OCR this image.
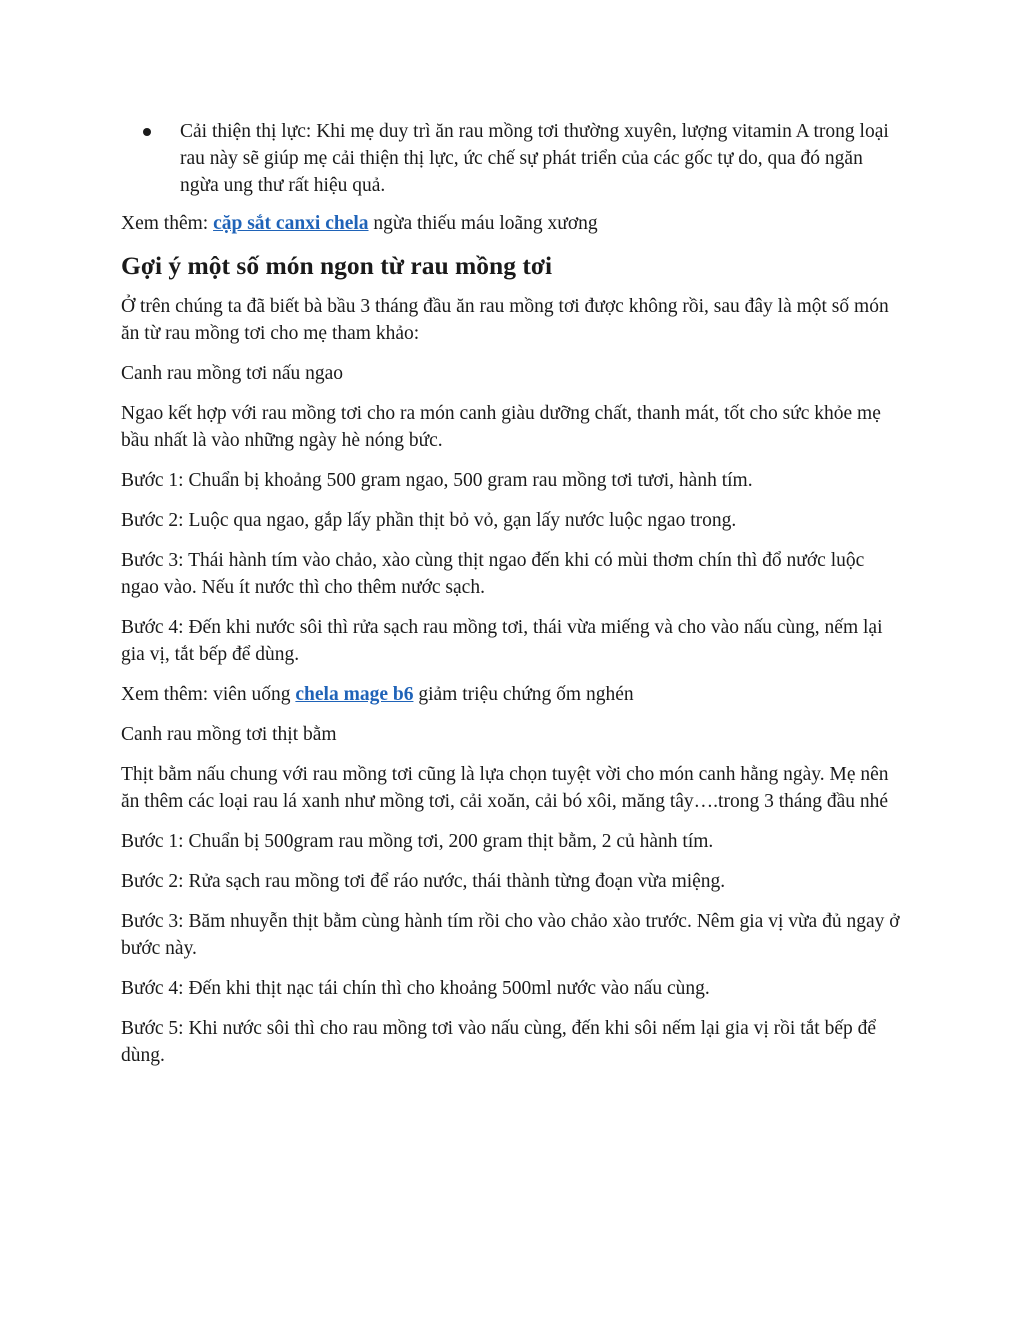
Cải thiện thị lực: Khi mẹ duy trì ăn rau mồng tơi thường xuyên, lượng vitamin A trong loại rau này sẽ giúp mẹ cải thiện thị lực, ức chế sự phát triển của các gốc tự do, qua đó ngăn ngừa ung thư rất hiệu quả.

Xem thêm: cặp sắt canxi chela ngừa thiếu máu loãng xương

Gợi ý một số món ngon từ rau mồng tơi

Ở trên chúng ta đã biết bà bầu 3 tháng đầu ăn rau mồng tơi được không rồi, sau đây là một số món ăn từ rau mồng tơi cho mẹ tham khảo:

Canh rau mồng tơi nấu ngao

Ngao kết hợp với rau mồng tơi cho ra món canh giàu dưỡng chất, thanh mát, tốt cho sức khỏe mẹ bầu nhất là vào những ngày hè nóng bức.

Bước 1: Chuẩn bị khoảng 500 gram ngao, 500 gram rau mồng tơi tươi, hành tím.

Bước 2: Luộc qua ngao, gắp lấy phần thịt bỏ vỏ, gạn lấy nước luộc ngao trong.

Bước 3: Thái hành tím vào chảo, xào cùng thịt ngao đến khi có mùi thơm chín thì đổ nước luộc ngao vào. Nếu ít nước thì cho thêm nước sạch.

Bước 4: Đến khi nước sôi thì rửa sạch rau mồng tơi, thái vừa miếng và cho vào nấu cùng, nếm lại gia vị, tắt bếp để dùng.

Xem thêm: viên uống chela mage b6 giảm triệu chứng ốm nghén

Canh rau mồng tơi thịt bằm

Thịt bằm nấu chung với rau mồng tơi cũng là lựa chọn tuyệt vời cho món canh hằng ngày. Mẹ nên ăn thêm các loại rau lá xanh như mồng tơi, cải xoăn, cải bó xôi, măng tây….trong 3 tháng đầu nhé

Bước 1: Chuẩn bị 500gram rau mồng tơi, 200 gram thịt bằm, 2 củ hành tím.

Bước 2: Rửa sạch rau mồng tơi để ráo nước, thái thành từng đoạn vừa miệng.

Bước 3: Băm nhuyễn thịt bằm cùng hành tím rồi cho vào chảo xào trước. Nêm gia vị vừa đủ ngay ở bước này.

Bước 4: Đến khi thịt nạc tái chín thì cho khoảng 500ml nước vào nấu cùng.

Bước 5: Khi nước sôi thì cho rau mồng tơi vào nấu cùng, đến khi sôi nếm lại gia vị rồi tắt bếp để dùng.
